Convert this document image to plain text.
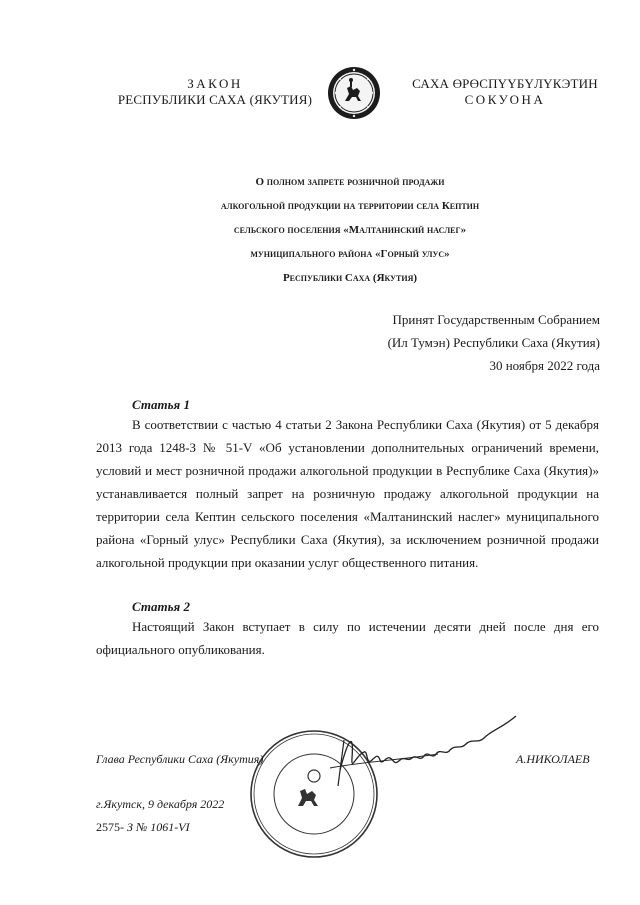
ЗАКОН
РЕСПУБЛИКИ САХА (ЯКУТИЯ)
САХА ӨРӨСПҮҮБҮЛҮКЭТИН
СОКУОНА
О полном запрете розничной продажи
алкогольной продукции на территории села Кептин
сельского поселения «Малтанинский наслег»
муниципального района «Горный улус»
Республики Саха (Якутия)
Принят Государственным Собранием
(Ил Тумэн) Республики Саха (Якутия)
30 ноября 2022 года
Статья 1
В соответствии с частью 4 статьи 2 Закона Республики Саха (Якутия) от 5 декабря 2013 года 1248-З № 51-V «Об установлении дополнительных ограничений времени, условий и мест розничной продажи алкогольной продукции в Республике Саха (Якутия)» устанавливается полный запрет на розничную продажу алкогольной продукции на территории села Кептин сельского поселения «Малтанинский наслег» муниципального района «Горный улус» Республики Саха (Якутия), за исключением розничной продажи алкогольной продукции при оказании услуг общественного питания.
Статья 2
Настоящий Закон вступает в силу по истечении десяти дней после дня его официального опубликования.
Глава Республики Саха (Якутия)	А.НИКОЛАЕВ
г.Якутск, 9 декабря 2022
2575- З № 1061-VI
